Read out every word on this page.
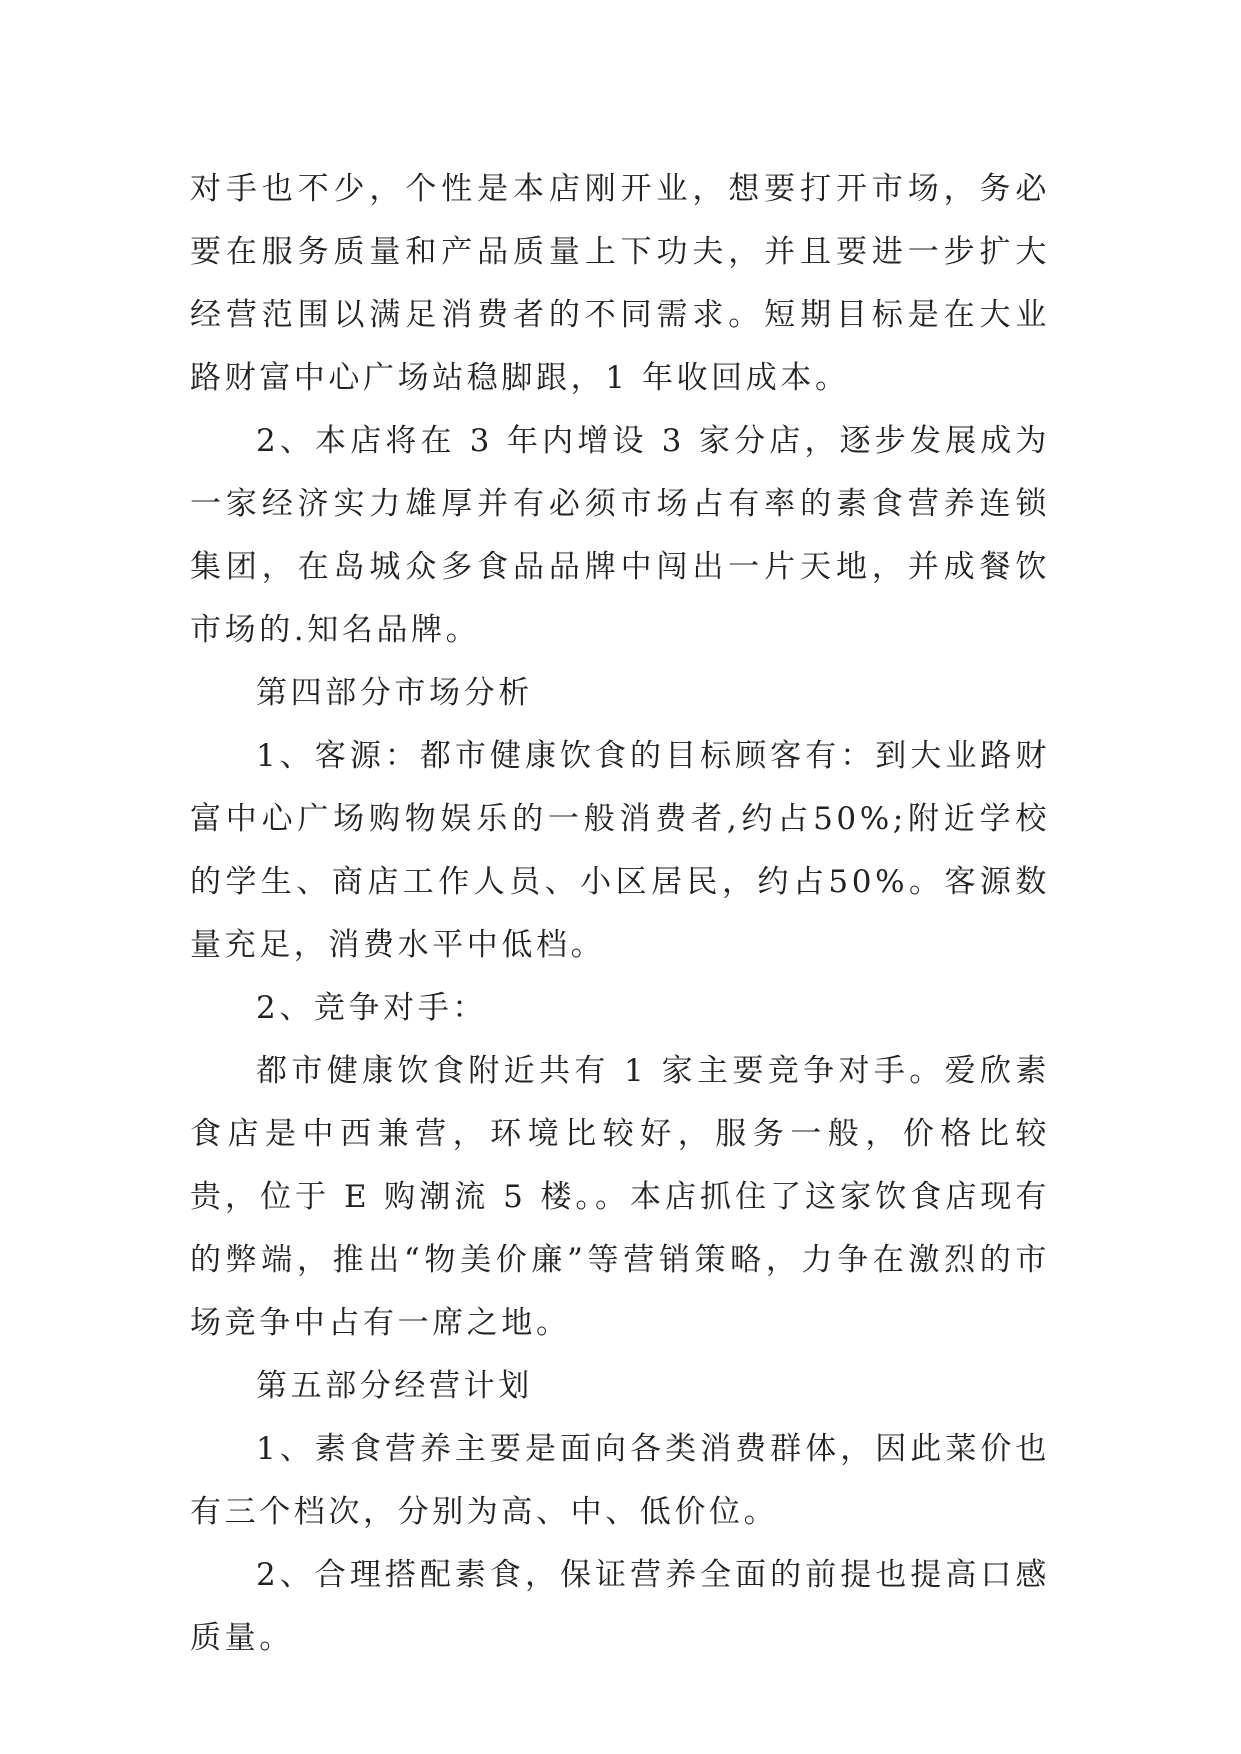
对手也不少，个性是本店刚开业，想要打开市场，务必要在服务质量和产品质量上下功夫，并且要进一步扩大经营范围以满足消费者的不同需求。短期目标是在大业路财富中心广场站稳脚跟，1 年收回成本。

2、本店将在 3 年内增设 3 家分店，逐步发展成为一家经济实力雄厚并有必须市场占有率的素食营养连锁集团，在岛城众多食品品牌中闯出一片天地，并成餐饮市场的.知名品牌。

第四部分市场分析

1、客源：都市健康饮食的目标顾客有：到大业路财富中心广场购物娱乐的一般消费者,约占50%;附近学校的学生、商店工作人员、小区居民，约占50%。客源数量充足，消费水平中低档。

2、竞争对手：

都市健康饮食附近共有 1 家主要竞争对手。爱欣素食店是中西兼营，环境比较好，服务一般，价格比较贵，位于 E 购潮流 5 楼。。本店抓住了这家饮食店现有的弊端，推出“物美价廉”等营销策略，力争在激烈的市场竞争中占有一席之地。

第五部分经营计划

1、素食营养主要是面向各类消费群体，因此菜价也有三个档次，分别为高、中、低价位。

2、合理搭配素食，保证营养全面的前提也提高口感质量。
